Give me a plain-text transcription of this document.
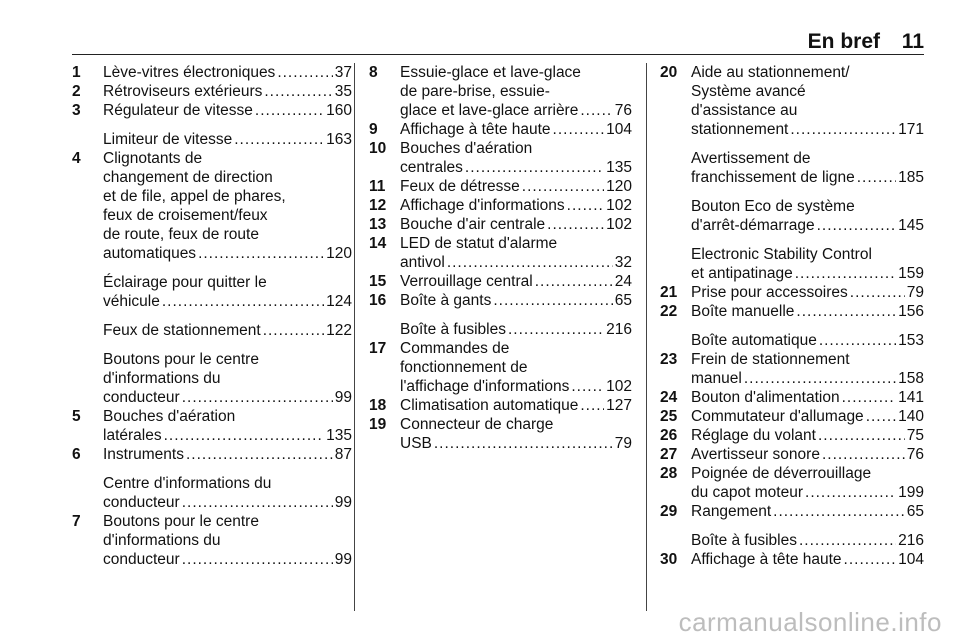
En bref 11
1	Lève-vitres électroniques .....	37
2	Rétroviseurs extérieurs .....	35
3	Régulateur de vitesse .....	160
Limiteur de vitesse .....	163
4	Clignotants de
changement de direction
et de file, appel de phares,
feux de croisement/feux
de route, feux de route
automatiques .....	120
Éclairage pour quitter le
véhicule .....	124
Feux de stationnement .....	122
Boutons pour le centre
d'informations du
conducteur .....	99
5	Bouches d'aération
latérales .....	135
6	Instruments .....	87
Centre d'informations du
conducteur .....	99
7	Boutons pour le centre
d'informations du
conducteur .....	99
8	Essuie-glace et lave-glace
de pare-brise, essuie-
glace et lave-glace arrière ..... 76
9	Affichage à tête haute .....	104
10 Bouches d'aération
centrales .....	135
11 Feux de détresse .....	120
12 Affichage d'informations .....	102
13 Bouche d'air centrale .....	102
14 LED de statut d'alarme
antivol .....	32
15 Verrouillage central .....	24
16 Boîte à gants .....	65
Boîte à fusibles .....	216
17 Commandes de
fonctionnement de
l'affichage d'informations ..... 102
18 Climatisation automatique ..... 127
19 Connecteur de charge
USB .....	79
20 Aide au stationnement/
Système avancé
d'assistance au
stationnement .....	171
Avertissement de
franchissement de ligne .....	185
Bouton Eco de système
d'arrêt-démarrage .....	145
Electronic Stability Control
et antipatinage .....	159
21 Prise pour accessoires .....	79
22 Boîte manuelle .....	156
Boîte automatique .....	153
23 Frein de stationnement
manuel .....	158
24 Bouton d'alimentation .....	141
25 Commutateur d'allumage ..... 140
26 Réglage du volant .....	75
27 Avertisseur sonore .....	76
28 Poignée de déverrouillage
du capot moteur .....	199
29 Rangement .....	65
Boîte à fusibles .....	216
30 Affichage à tête haute .....	104
carmanualsonline.info
